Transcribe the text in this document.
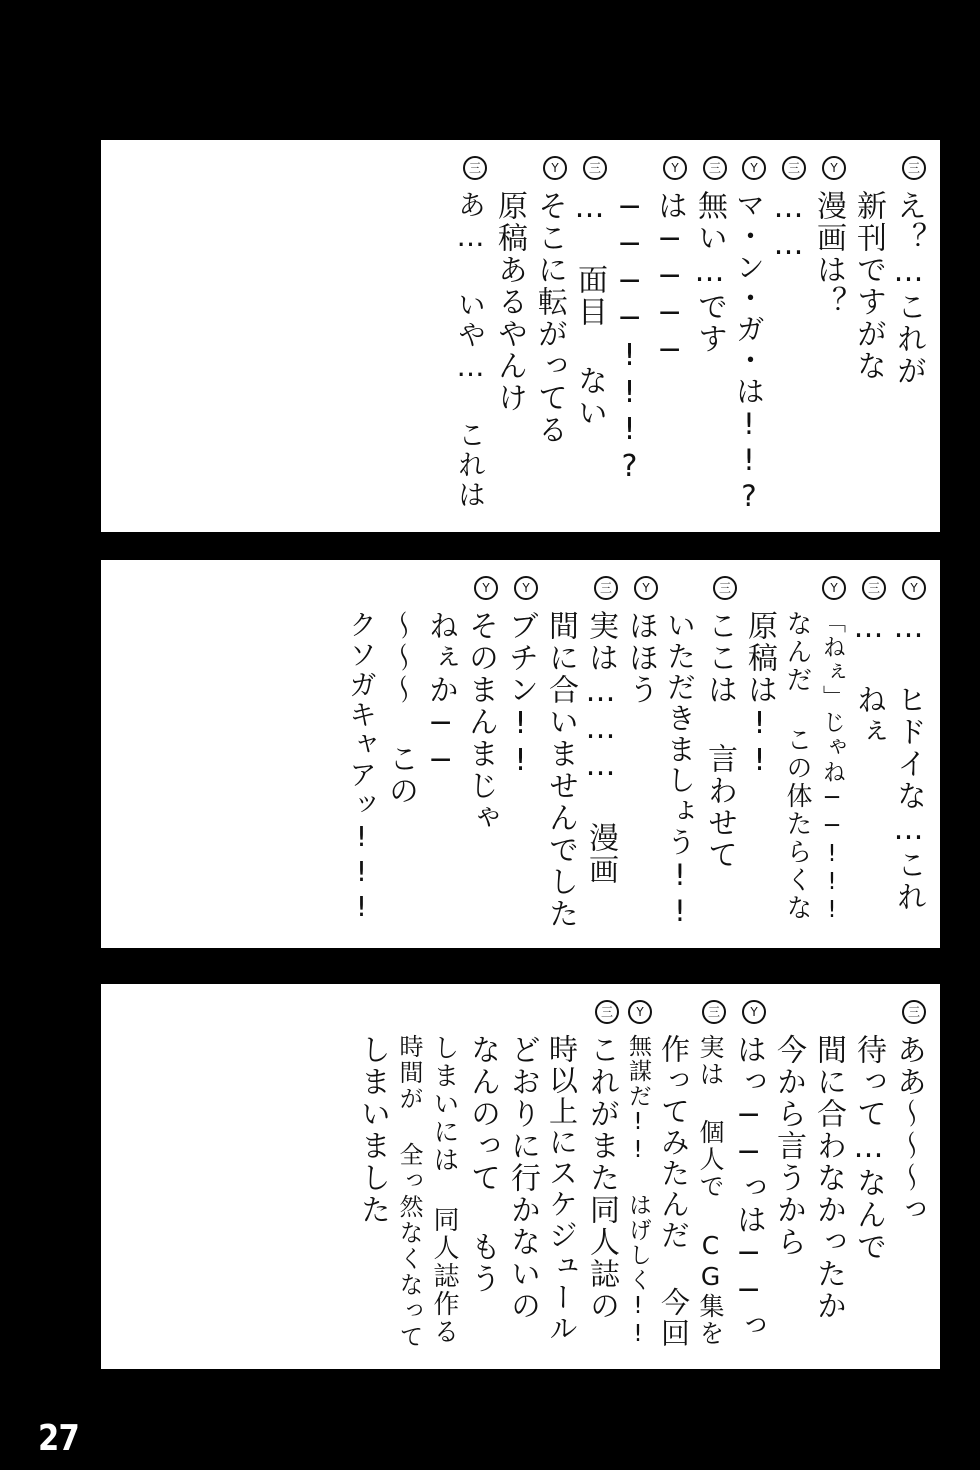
三
え？…これが
新刊ですがな
Y
漫画は？
三
……
Y
マ・ン・ガ・は!!?
三
無い…です
Y
は────
────!!!?
三
… 面目 ない
Y
そこに転がってる
原稿あるやんけ
三
あ… いや… これは
Y
… ヒドイな…これ
三
… ねぇ
Y
「ねぇ」じゃね──!!!
なんだ この体たらくな
原稿は!!
三
ここは 言わせて
いただきましょう!!
Y
ほほう
三
実は……… 漫画
間に合いませんでした
Y
ブチン!!
Y
そのまんまじゃ
ねぇか──
〜〜〜 この
クソガキャアッ!!!
三
ああ〜〜〜っ
待って…なんで
間に合わなかったか
今から言うから
Y
はっ──っは──っ
三
実は 個人で CG集を
作ってみたんだ 今回
Y
無謀だ!! はげしく!!
三
これがまた同人誌の
時以上にスケジュール
どおりに行かないの
なんのって もう
しまいには 同人誌作る
時間が 全っ然なくなって
しまいました
27
